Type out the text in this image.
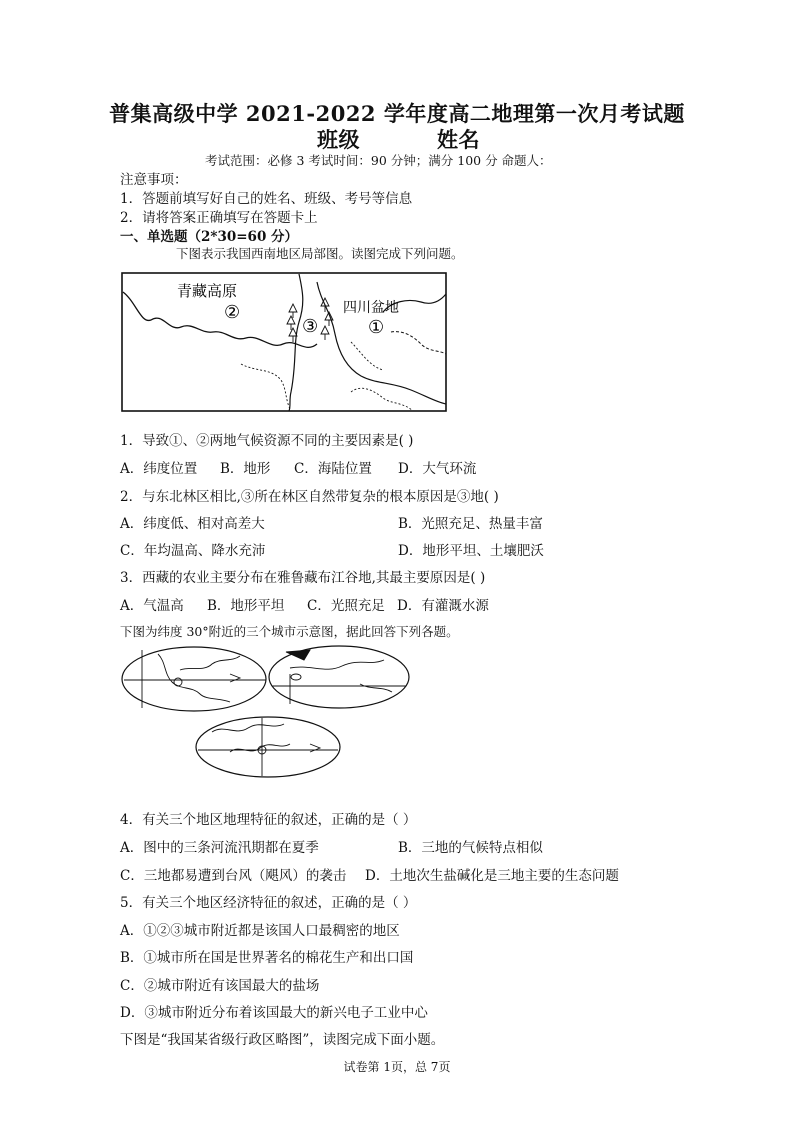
普集高级中学 2021-2022 学年度高二地理第一次月考试题
班级	姓名
考试范围：必修 3 考试时间：90 分钟；满分 100 分 命题人：
注意事项：
1．答题前填写好自己的姓名、班级、考号等信息
2．请将答案正确填写在答题卡上
一、单选题（2*30=60 分）
下图表示我国西南地区局部图。读图完成下列问题。
青藏高原
②
③
四川盆地
①
1．导致①、②两地气候资源不同的主要因素是( )
A．纬度位置 B．地形 C．海陆位置 D．大气环流
2．与东北林区相比,③所在林区自然带复杂的根本原因是③地( )
A．纬度低、相对高差大	B．光照充足、热量丰富
C．年均温高、降水充沛	D．地形平坦、土壤肥沃
3．西藏的农业主要分布在雅鲁藏布江谷地,其最主要原因是( )
A．气温高 B．地形平坦 C．光照充足 D．有灌溉水源
下图为纬度 30°附近的三个城市示意图，据此回答下列各题。
4．有关三个地区地理特征的叙述，正确的是（ ）
A．图中的三条河流汛期都在夏季	B．三地的气候特点相似
C．三地都易遭到台风（飓风）的袭击 D．土地次生盐碱化是三地主要的生态问题
5．有关三个地区经济特征的叙述，正确的是（ ）
A．①②③城市附近都是该国人口最稠密的地区
B．①城市所在国是世界著名的棉花生产和出口国
C．②城市附近有该国最大的盐场
D．③城市附近分布着该国最大的新兴电子工业中心
下图是“我国某省级行政区略图”，读图完成下面小题。
试卷第 1页，总 7页
